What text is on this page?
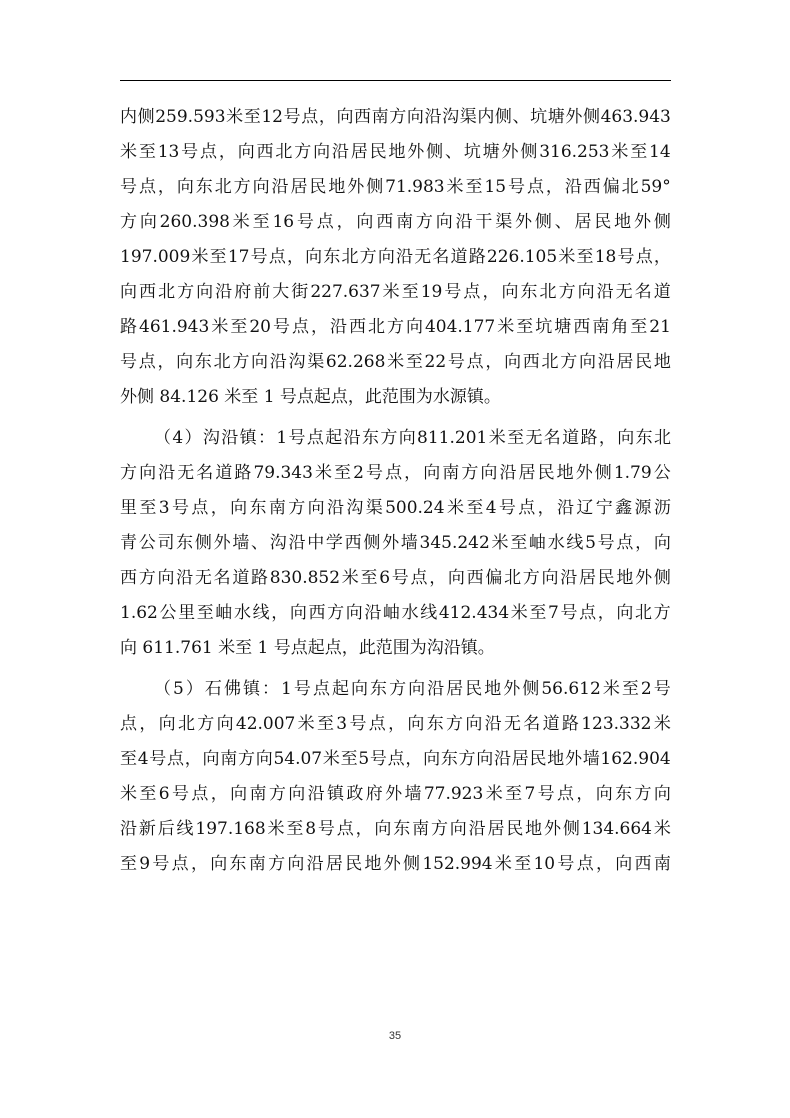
内 侧 259.593 米 至 12 号 点 ， 向 西 南 方 向 沿 沟 渠 内 侧 、 坑 塘 外 侧 463.943
米 至 13 号 点 ， 向 西 北 方 向 沿 居 民 地 外 侧 、 坑 塘 外 侧 316.253 米 至 14
号 点 ， 向 东 北 方 向 沿 居 民 地 外 侧 71.983 米 至 15 号 点 ， 沿 西 偏 北 59°
方 向 260.398 米 至 16 号 点 ， 向 西 南 方 向 沿 干 渠 外 侧 、 居 民 地 外 侧
197.009 米 至 17 号 点 ， 向 东 北 方 向 沿 无 名 道 路 226.105 米 至 18 号 点 ，
向 西 北 方 向 沿 府 前 大 街 227.637 米 至 19 号 点 ， 向 东 北 方 向 沿 无 名 道
路 461.943 米 至 20 号 点 ， 沿 西 北 方 向 404.177 米 至 坑 塘 西 南 角 至 21
号 点 ， 向 东 北 方 向 沿 沟 渠 62.268 米 至 22 号 点 ， 向 西 北 方 向 沿 居 民 地
外侧 84.126 米至 1 号点起点，此范围为水源镇。
（ 4 ） 沟 沿 镇 ： 1 号 点 起 沿 东 方 向 811.201 米 至 无 名 道 路 ， 向 东 北
方 向 沿 无 名 道 路 79.343 米 至 2 号 点 ， 向 南 方 向 沿 居 民 地 外 侧 1.79 公
里 至 3 号 点 ， 向 东 南 方 向 沿 沟 渠 500.24 米 至 4 号 点 ， 沿 辽 宁 鑫 源 沥
青 公 司 东 侧 外 墙 、 沟 沿 中 学 西 侧 外 墙 345.242 米 至 岫 水 线 5 号 点 ， 向
西 方 向 沿 无 名 道 路 830.852 米 至 6 号 点 ， 向 西 偏 北 方 向 沿 居 民 地 外 侧
1.62 公 里 至 岫 水 线 ， 向 西 方 向 沿 岫 水 线 412.434 米 至 7 号 点 ， 向 北 方
向 611.761 米至 1 号点起点，此范围为沟沿镇。
（ 5 ） 石 佛 镇 ： 1 号 点 起 向 东 方 向 沿 居 民 地 外 侧 56.612 米 至 2 号
点 ， 向 北 方 向 42.007 米 至 3 号 点 ， 向 东 方 向 沿 无 名 道 路 123.332 米
至 4 号 点 ， 向 南 方 向 54.07 米 至 5 号 点 ， 向 东 方 向 沿 居 民 地 外 墙 162.904
米 至 6 号 点 ， 向 南 方 向 沿 镇 政 府 外 墙 77.923 米 至 7 号 点 ， 向 东 方 向
沿 新 后 线 197.168 米 至 8 号 点 ， 向 东 南 方 向 沿 居 民 地 外 侧 134.664 米
至 9 号 点 ， 向 东 南 方 向 沿 居 民 地 外 侧 152.994 米 至 10 号 点 ， 向 西 南
35
